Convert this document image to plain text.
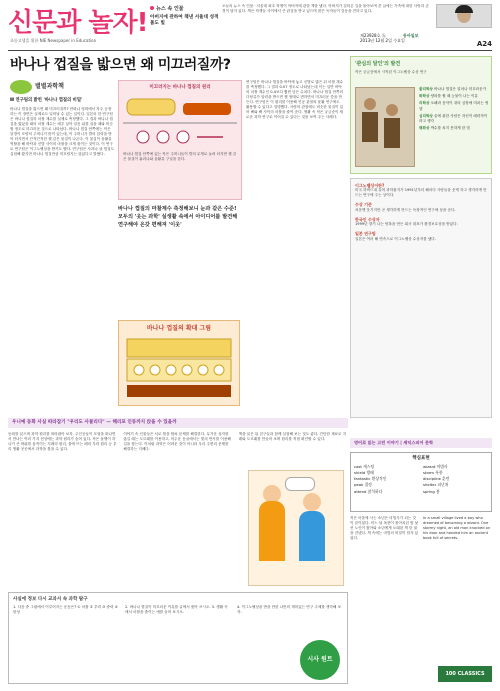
신문과 놀자!
초등고생을 위한 NIE Newspaper in Education
뉴스 속 인물
아버지에 관하여 책낸 서울대 성적 톱도 빛
오늘의 뉴스 속 인물 · 서울대 최초 학생이 아버지에 관한 책을 냈다. 아버지가 걸어온 길을 돌아보며 쓴 글에는 가족에 대한 사랑과 존경이 담겨 있다. 책은 학생들 사이에서 큰 관심을 받고 있으며 많은 독자들이 감동을 전하고 있다.
제23928호 Ⓐ	동아일보
2013년 12월 2일 수요일	A24
바나나 껍질을 밟으면 왜 미끄러질까?
별별과학책
Ⅲ 연구팀의 밝힌 '바나나 껍질의 비밀'
바나나 껍질을 밟으면 왜 미끄러질까? 만화나 영화에서 자주 등장하는 이 장면은 실제로도 일어날 수 있는 일이다. 일본의 한 연구팀은 바나나 껍질의 마찰 계수를 실제로 측정했다. 그 결과 바나나 껍질을 밟았을 때의 마찰 계수는 매우 낮아 얼음 위를 걸을 때와 비슷할 정도로 미끄러운 것으로 나타났다. 바나나 껍질 안쪽에는 작은 알갱이 모양의 주머니가 많이 있는데, 이 주머니가 발의 압력을 받아 터지면서 끈적끈적한 젤 같은 물질이 나온다. 이 물질이 윤활유 역할을 해 바닥과 신발 사이의 마찰을 크게 줄이는 것이다. 이 연구로 연구팀은 이그노벨상을 받기도 했다. 연구팀은 사과나 귤 껍질도 실험해 봤지만 바나나 껍질만큼 미끄럽지는 않았다고 밝혔다.
미끄러지는 바나나 껍질의 원리
바나나 껍질 안쪽에 있는 작은 주머니들이 발의 무게로 눌려 터지면 젤 같은 물질이 흘러나와 윤활유 구실을 한다.
바나나 껍질의 마찰계수 측정해보니 눈과 같은 수준! 모두의 '웃는 과학' 실생활 속에서 아이디어를 발견해 연구해야 온갖 편해져 '이웃'
바나나 껍질의 확대 그림
연구팀은 바나나 껍질을 바닥에 놓고 신발로 밟은 뒤 마찰 계수를 측정했다. 그 결과 0.07 정도로 나타났는데 이는 일반 바닥의 마찰 계수인 0.4보다 훨씬 낮은 수치다. 바나나 껍질 안쪽의 다당류가 압력을 받으면 젤 형태로 변하면서 미끄러운 층을 만든다. 연구팀은 이 원리를 이용해 인공 관절의 윤활 연구에도 활용할 수 있다고 설명했다. 사람의 관절에도 비슷한 물질이 있어 뼈와 뼈 사이의 마찰을 줄여 준다. 생활 속 작은 궁금증이 새로운 과학 연구로 이어질 수 있다는 것을 보여 주는 사례다.
'관심의 달인'의 발견
작은 궁금증에서 시작된 이그노벨상 수상 연구
물리학상 바나나 껍질은 얼마나 미끄러운가
화학상 양파를 썰 때 눈물이 나는 이유
의학상 오페라 음악이 쥐의 심장에 미치는 영향
심리학상 술에 취한 사람은 자신이 매력적이라고 생각
평화상 박수를 치지 못하게 한 법
이그노벨상이란?
미국 하버드대 유머 과학잡지가 1991년부터 해마다 사람들을 웃게 하고 생각하게 만드는 연구에 주는 상이다.
수상 기준
처음엔 웃기지만 곧 생각하게 만드는 독창적인 연구에 상을 준다.
한국인 수상자
1999년 향기 나는 양복을 만든 회사 대표가 환경보호상을 받았다.
일본 연구팀
일본은 여러 해 연속으로 이그노벨상 수상자를 냈다.
우니예 동화 사실 따라잡기 "우리도 사물리다" — 해리포 인류까지 앉을 수 있을까
동화를 읽으며 과학 원리를 따라잡아 보자. 주인공들이 모험을 떠나면서 만나는 여러 가지 현상에는 과학 원리가 숨어 있다. 작은 돌멩이 하나가 큰 바위를 움직이는 지레의 원리, 물에 뜨는 배의 부력 원리 등 우리 생활 곳곳에서 과학을 찾을 수 있다.
이야기 속 인물들은 서로 힘을 합쳐 문제를 해결한다. 무거운 상자를 옮길 때는 도르래를 이용하고, 어두운 동굴에서는 빛의 반사를 이용해 길을 찾는다. 이처럼 과학은 어려운 것이 아니라 우리 주변의 문제를 해결하는 지혜다.
책을 읽은 뒤 친구들과 함께 실험해 보는 것도 좋다. 간단한 재료로 지레와 도르래를 만들어 보며 원리를 직접 확인할 수 있다.
사실에 정보 다시 교과서 속 과학 탐구
1. 다음 중 그림에서 이루어지는 운동은? ① 마찰 ② 부력 ③ 중력 ④ 탄성
2. 바나나 껍질이 미끄러운 이유를 글에서 찾아 쓰시오. 3. 생활 속에서 마찰을 줄이는 예를 들어 보시오.
4. 이그노벨상을 받을 만한 나만의 재미있는 연구 주제를 생각해 보자.
시사 원트
영어로 읽는 고전 이야기 | 셰익스피어 문학
핵심표현
cast 캐스팅	wizard 마법사
shield 방패	storm 폭풍
fantastic 환상적인	discipline 훈련
peak 절정	shelter 피난처
attend 참석하다	spring 봄
작은 마을에 사는 소년은 마법사가 되는 것이 꿈이었다. 어느 날 폭풍이 몰아치던 밤 낯선 노인이 찾아와 소년에게 오래된 책 한 권을 건넸다. 책 속에는 마법의 비밀이 담겨 있었다.
In a small village lived a boy who dreamed of becoming a wizard. One stormy night, an old man knocked on his door and handed him an ancient book full of secrets.
100 CLASSICS
